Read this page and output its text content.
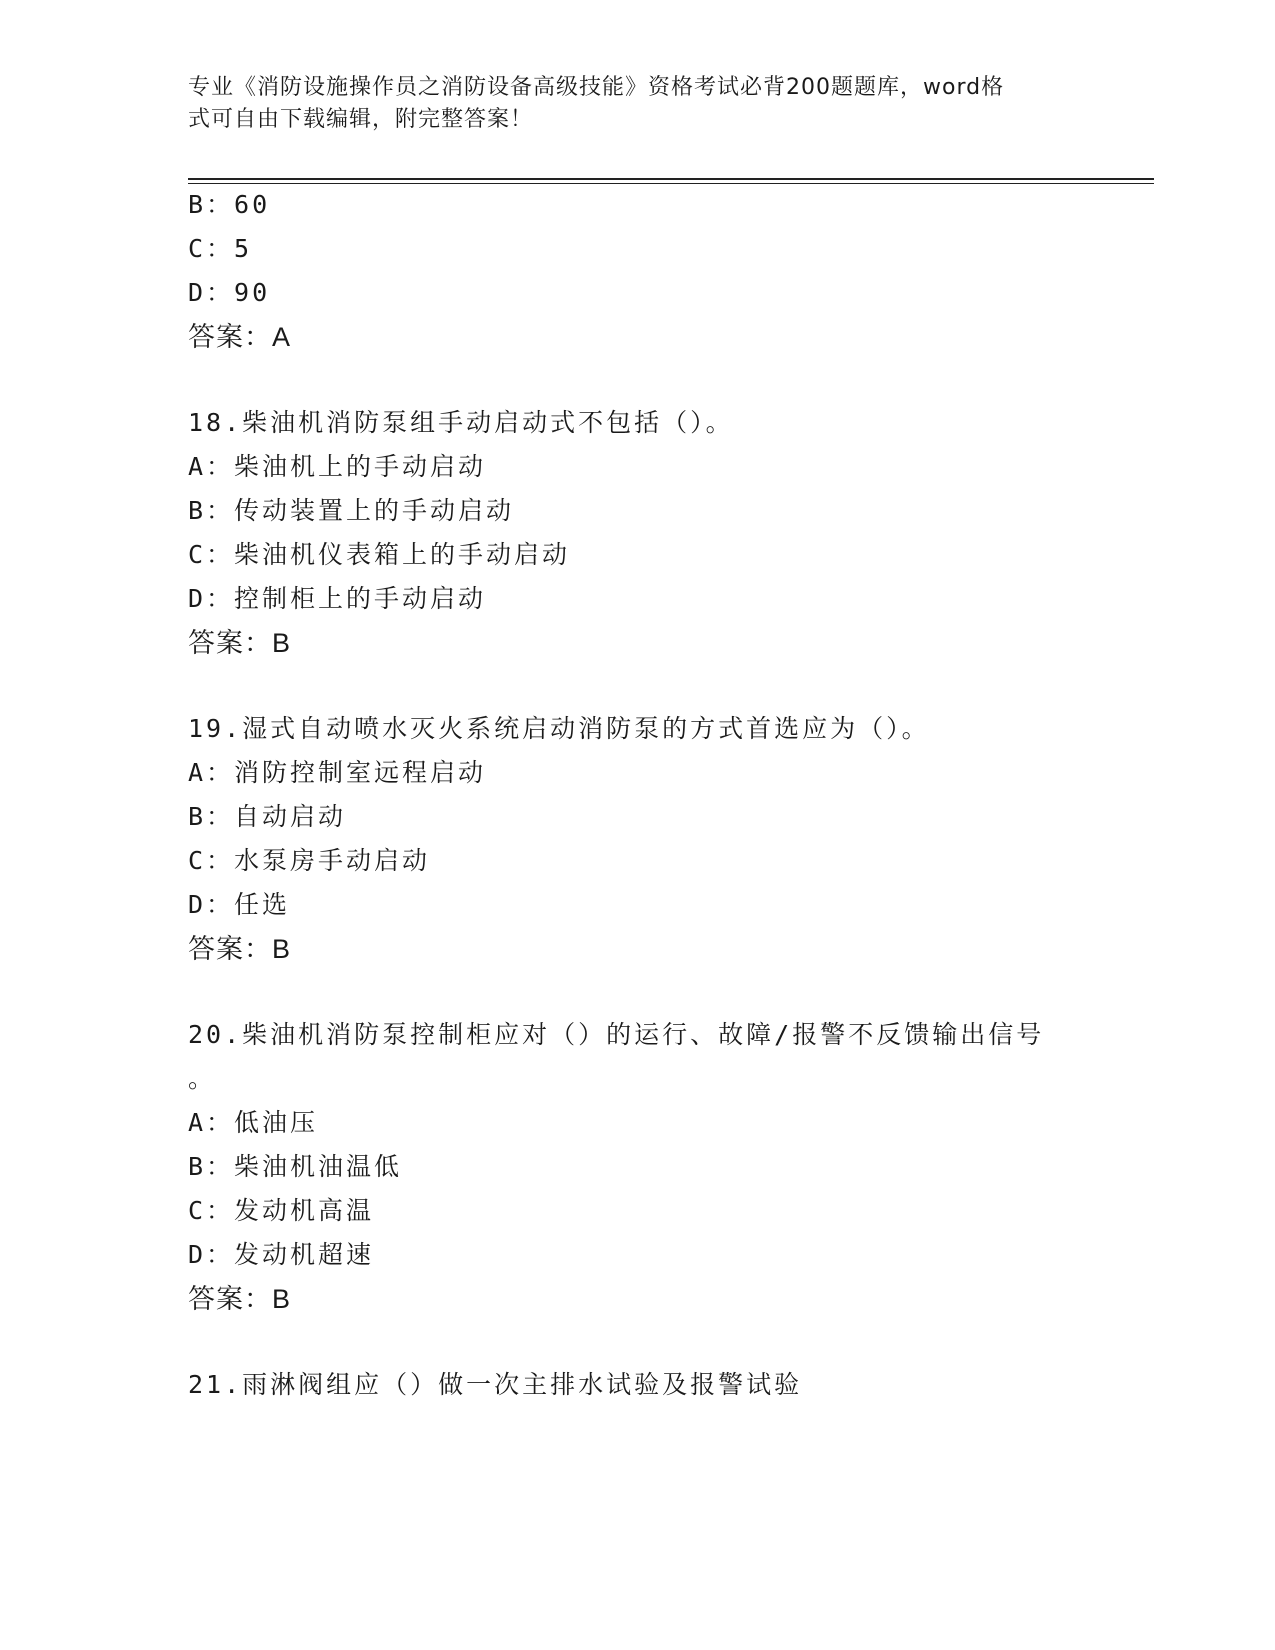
专业《消防设施操作员之消防设备高级技能》资格考试必背200题题库，word格
式可自由下载编辑，附完整答案！
B：60
C：5
D：90
答案：A
18.柴油机消防泵组手动启动式不包括（）。
A：柴油机上的手动启动
B：传动装置上的手动启动
C：柴油机仪表箱上的手动启动
D：控制柜上的手动启动
答案：B
19.湿式自动喷水灭火系统启动消防泵的方式首选应为（）。
A：消防控制室远程启动
B：自动启动
C：水泵房手动启动
D：任选
答案：B
20.柴油机消防泵控制柜应对（）的运行、故障/报警不反馈输出信号
。
A：低油压
B：柴油机油温低
C：发动机高温
D：发动机超速
答案：B
21.雨淋阀组应（）做一次主排水试验及报警试验
